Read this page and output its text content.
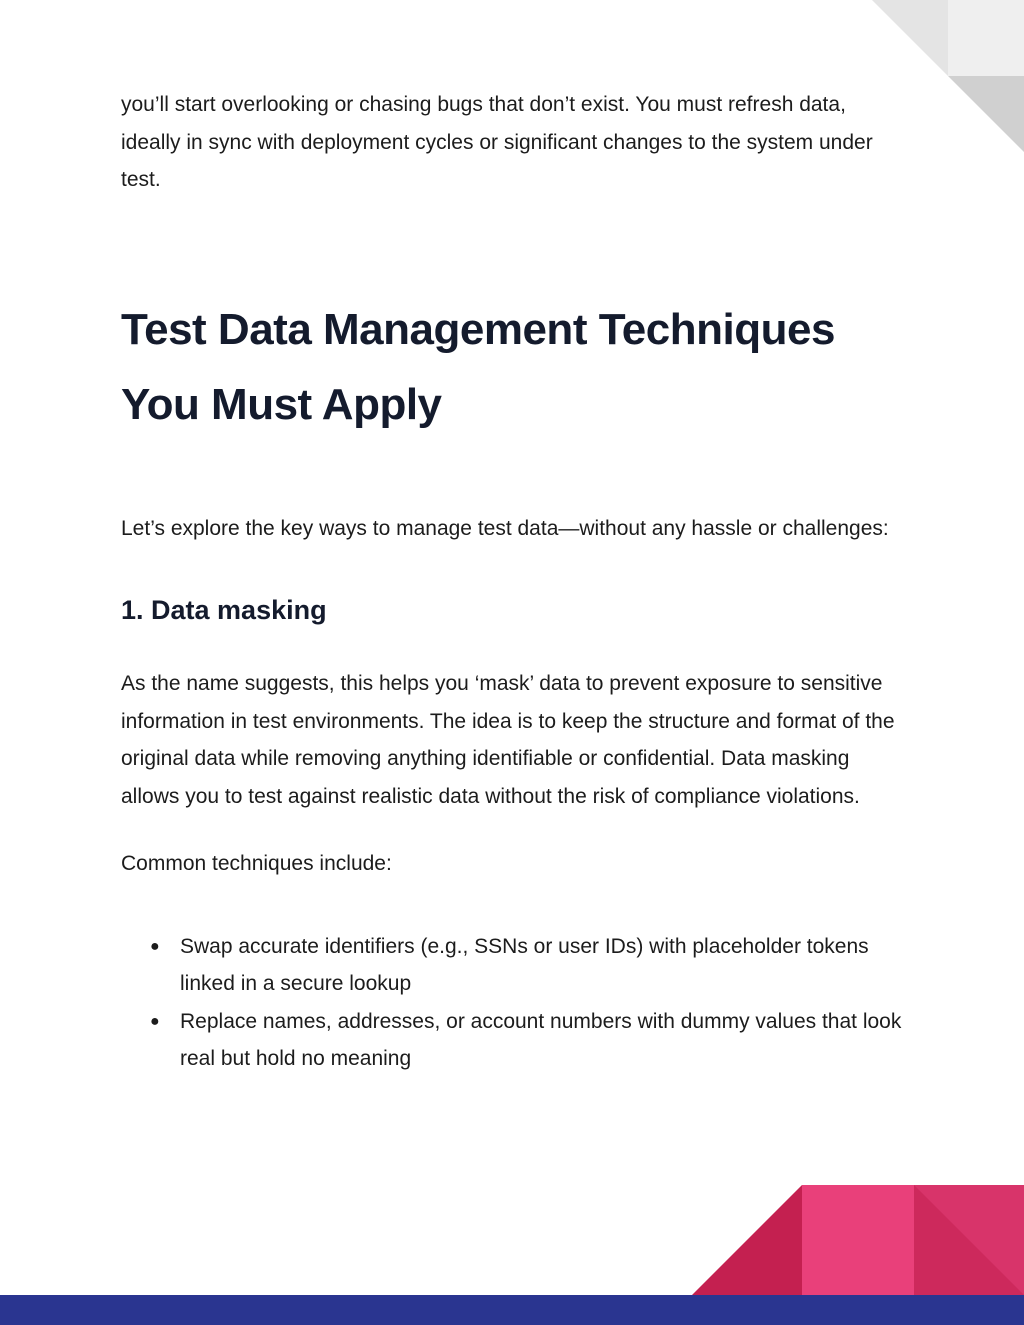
you’ll start overlooking or chasing bugs that don’t exist. You must refresh data, ideally in sync with deployment cycles or significant changes to the system under test.

Test Data Management Techniques You Must Apply

Let’s explore the key ways to manage test data—without any hassle or challenges:

1. Data masking

As the name suggests, this helps you ‘mask’ data to prevent exposure to sensitive information in test environments. The idea is to keep the structure and format of the original data while removing anything identifiable or confidential. Data masking allows you to test against realistic data without the risk of compliance violations.

Common techniques include:

● Swap accurate identifiers (e.g., SSNs or user IDs) with placeholder tokens linked in a secure lookup
● Replace names, addresses, or account numbers with dummy values that look real but hold no meaning
